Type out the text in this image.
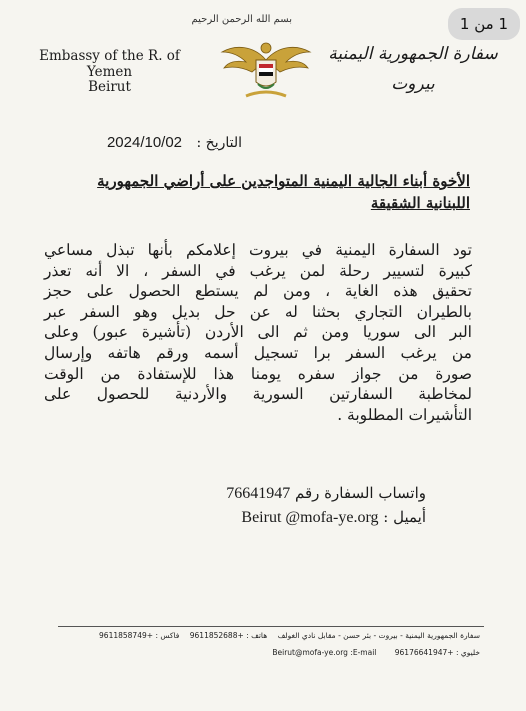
1 من 1
بسم الله الرحمن الرحيم
Embassy of the R. of Yemen
Beirut
سفارة الجمهورية اليمنية
بيروت
التاريخ : 2024/10/02
الأخوة أبناء الجالية اليمنية المتواجدين على أراضي الجمهورية
اللبنانية الشقيقة
تود السفارة اليمنية في بيروت إعلامكم بأنها تبذل مساعي
كبيرة لتسيير رحلة لمن يرغب في السفر ، الا أنه تعذر
تحقيق هذه الغاية ، ومن لم يستطع الحصول على حجز
بالطيران التجاري بحثنا له عن حل بديل وهو السفر عبر
البر الى سوريا ومن ثم الى الأردن (تأشيرة عبور) وعلى
من يرغب السفر برا تسجيل أسمه ورقم هاتفه وإرسال
صورة من جواز سفره يومنا هذا للإستفادة من الوقت
لمخاطبة السفارتين السورية والأردنية للحصول على
التأشيرات المطلوبة .
واتساب السفارة رقم 76641947
أيميل : Beirut @mofa-ye.org
سفارة الجمهورية اليمنية - بيروت - بئر حسن - مقابل نادي الغولف هاتف : +9611852688 فاكس : +9611858749
خليوي : +96176641947 E-mail: Beirut@mofa-ye.org
